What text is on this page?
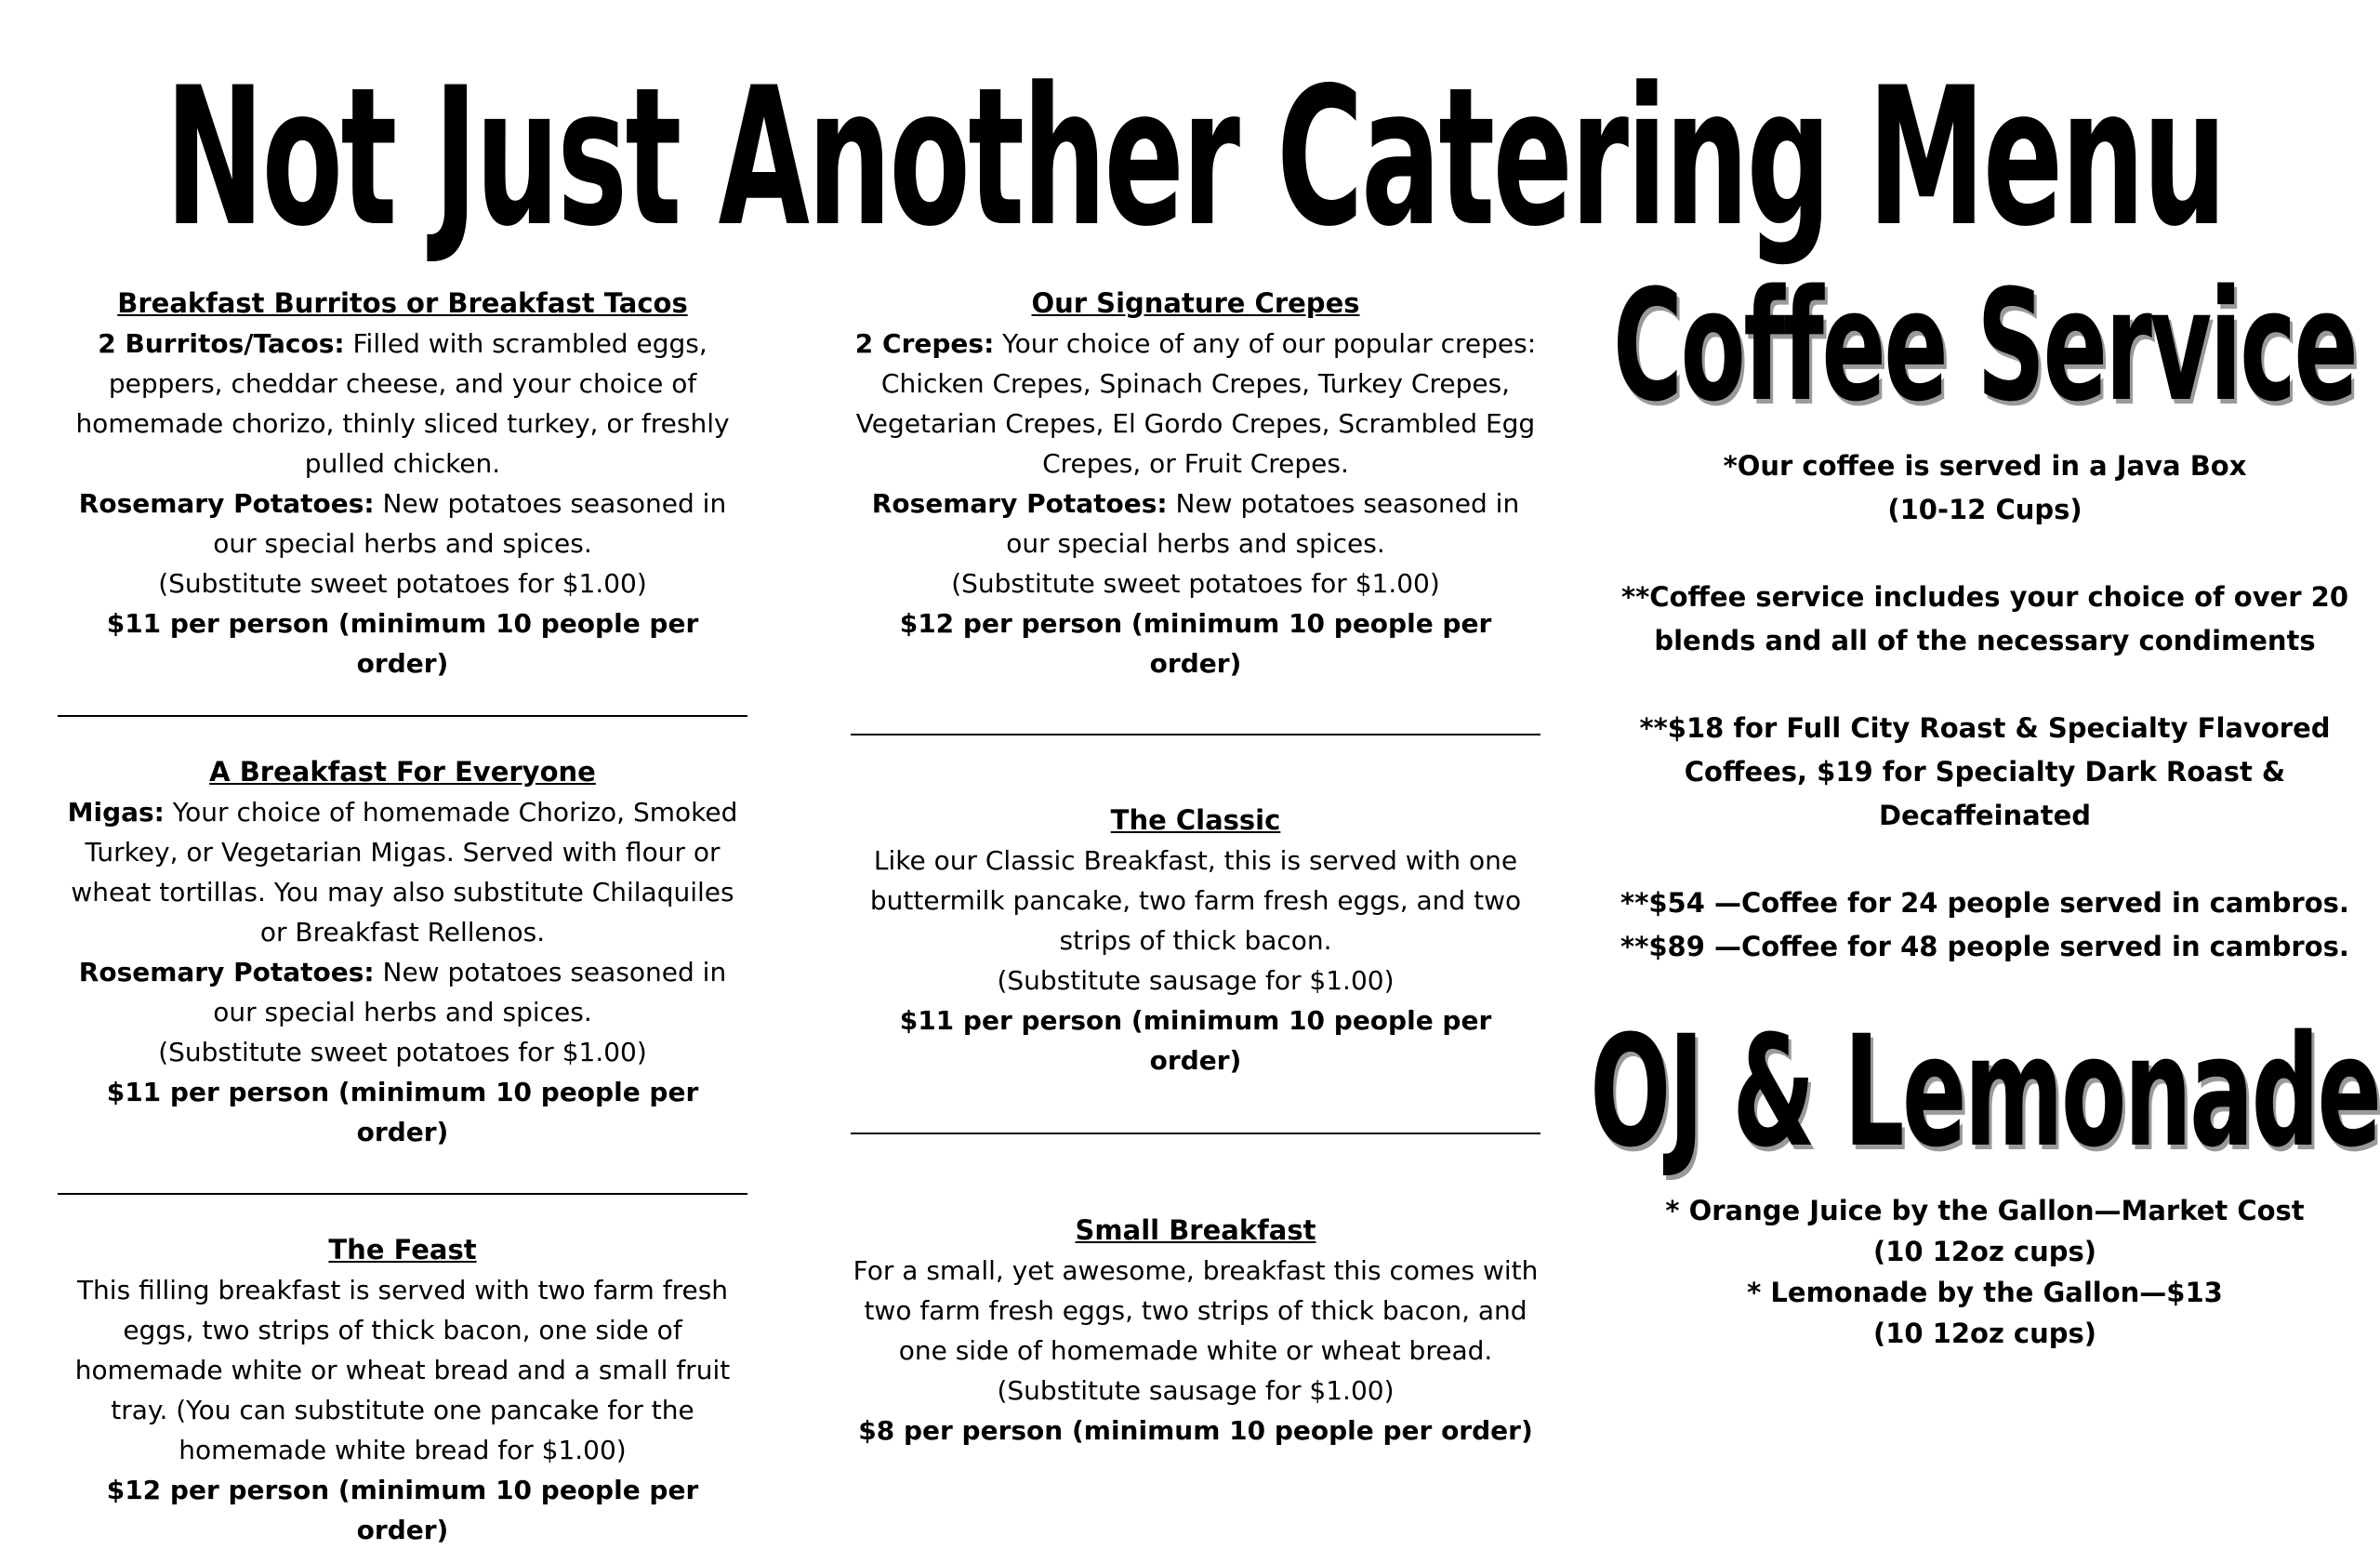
Not Just Another Catering Menu
Breakfast Burritos or Breakfast Tacos

2 Burritos/Tacos: Filled with scrambled eggs, peppers, cheddar cheese, and your choice of homemade chorizo, thinly sliced turkey, or freshly pulled chicken.

Rosemary Potatoes: New potatoes seasoned in our special herbs and spices.

(Substitute sweet potatoes for $1.00)

$11 per person (minimum 10 people per order)

A Breakfast For Everyone

Migas: Your choice of homemade Chorizo, Smoked Turkey, or Vegetarian Migas. Served with flour or wheat tortillas. You may also substitute Chilaquiles or Breakfast Rellenos.

Rosemary Potatoes: New potatoes seasoned in our special herbs and spices.

(Substitute sweet potatoes for $1.00)

$11 per person (minimum 10 people per order)

The Feast

This filling breakfast is served with two farm fresh eggs, two strips of thick bacon, one side of homemade white or wheat bread and a small fruit tray. (You can substitute one pancake for the homemade white bread for $1.00)

$12 per person (minimum 10 people per order)

Our Signature Crepes

2 Crepes: Your choice of any of our popular crepes: Chicken Crepes, Spinach Crepes, Turkey Crepes, Vegetarian Crepes, El Gordo Crepes, Scrambled Egg Crepes, or Fruit Crepes.

Rosemary Potatoes: New potatoes seasoned in our special herbs and spices.

(Substitute sweet potatoes for $1.00)

$12 per person (minimum 10 people per order)

The Classic

Like our Classic Breakfast, this is served with one buttermilk pancake, two farm fresh eggs, and two strips of thick bacon.

(Substitute sausage for $1.00)

$11 per person (minimum 10 people per order)

Small Breakfast

For a small, yet awesome, breakfast this comes with two farm fresh eggs, two strips of thick bacon, and one side of homemade white or wheat bread.

(Substitute sausage for $1.00)

$8 per person (minimum 10 people per order)

Coffee Service

*Our coffee is served in a Java Box

(10-12 Cups)

**Coffee service includes your choice of over 20 blends and all of the necessary condiments

**$18 for Full City Roast & Specialty Flavored Coffees, $19 for Specialty Dark Roast & Decaffeinated

**$54 —Coffee for 24 people served in cambros.

**$89 —Coffee for 48 people served in cambros.

OJ & Lemonade

* Orange Juice by the Gallon—Market Cost

(10 12oz cups)

* Lemonade by the Gallon—$13

(10 12oz cups)
